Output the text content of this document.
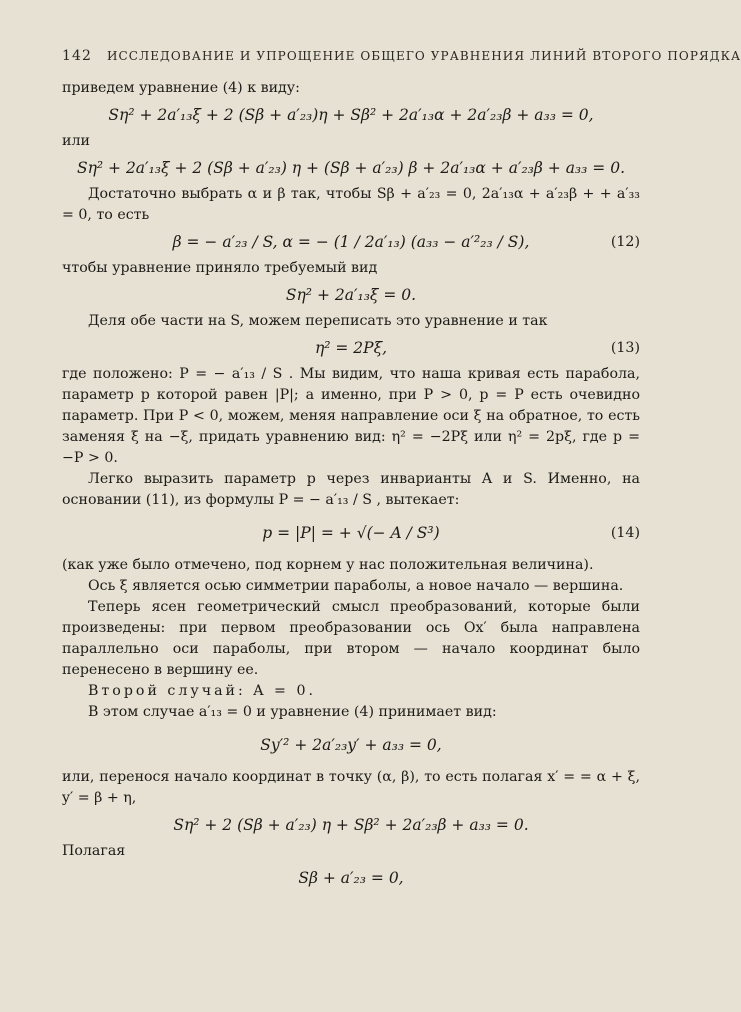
142 ИССЛЕДОВАНИЕ И УПРОЩЕНИЕ ОБЩЕГО УРАВНЕНИЯ ЛИНИЙ ВТОРОГО ПОРЯДКА

приведем уравнение (4) к виду:

Sη² + 2a′₁₃ξ + 2 (Sβ + a′₂₃)η + Sβ² + 2a′₁₃α + 2a′₂₃β + a₃₃ = 0,

или

Sη² + 2a′₁₃ξ + 2 (Sβ + a′₂₃) η + (Sβ + a′₂₃) β + 2a′₁₃α + a′₂₃β + a₃₃ = 0.

Достаточно выбрать α и β так, чтобы Sβ + a′₂₃ = 0, 2a′₁₃α + a′₂₃β + + a′₃₃ = 0, то есть

β = − a′₂₃ / S, α = − (1 / 2a′₁₃) (a₃₃ − a′²₂₃ / S),	(12)

чтобы уравнение приняло требуемый вид

Sη² + 2a′₁₃ξ = 0.

Деля обе части на S, можем переписать это уравнение и так

η² = 2Pξ,	(13)

где положено: P = − a′₁₃ / S . Мы видим, что наша кривая есть парабола, параметр p которой равен |P|; а именно, при P > 0, p = P есть очевидно параметр. При P < 0, можем, меняя направление оси ξ на обратное, то есть заменяя ξ на −ξ, придать уравнению вид: η² = −2Pξ или η² = 2pξ, где p = −P > 0.

Легко выразить параметр p через инварианты A и S. Именно, на основании (11), из формулы P = − a′₁₃ / S , вытекает:

p = |P| = + √(− A / S³)	(14)

(как уже было отмечено, под корнем у нас положительная величина).

Ось ξ является осью симметрии параболы, а новое начало — вершина.

Теперь ясен геометрический смысл преобразований, которые были произведены: при первом преобразовании ось Ox′ была направлена параллельно оси параболы, при втором — начало координат было перенесено в вершину ее.

Второй случай: A = 0.

В этом случае a′₁₃ = 0 и уравнение (4) принимает вид:

Sy′² + 2a′₂₃y′ + a₃₃ = 0,

или, перенося начало координат в точку (α, β), то есть полагая x′ = = α + ξ, y′ = β + η,

Sη² + 2 (Sβ + a′₂₃) η + Sβ² + 2a′₂₃β + a₃₃ = 0.

Полагая

Sβ + a′₂₃ = 0,
